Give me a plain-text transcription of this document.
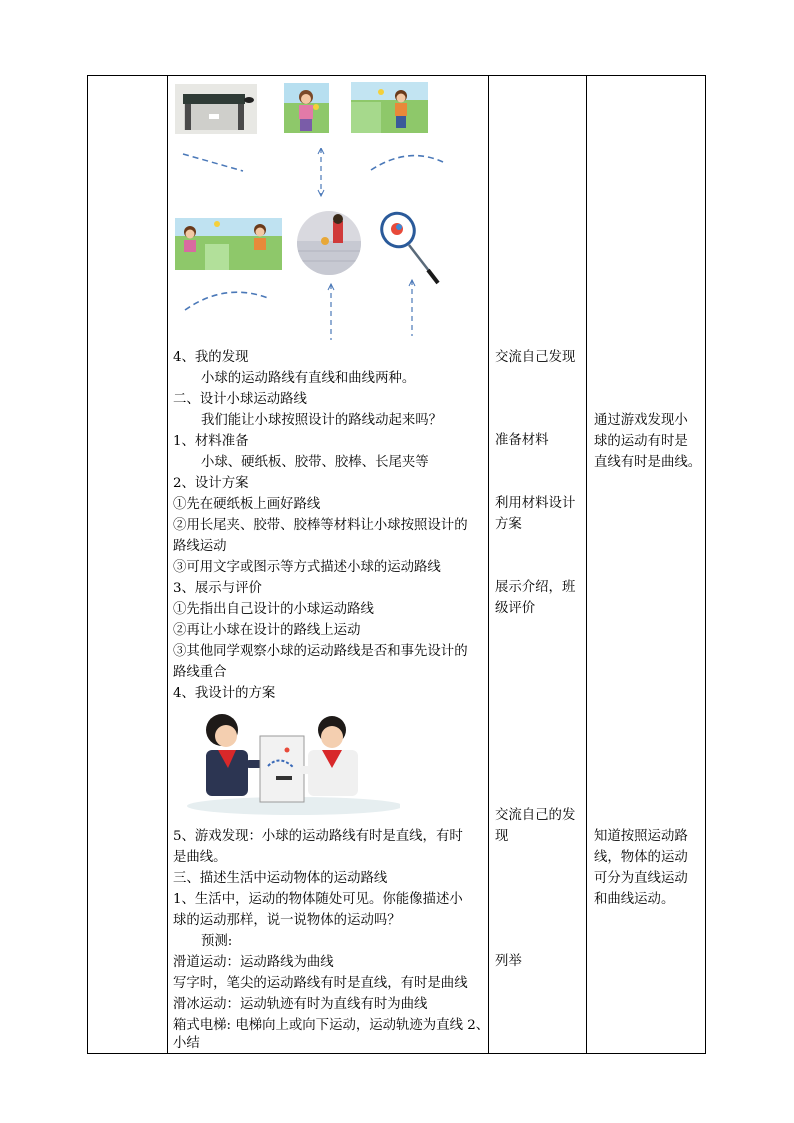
4、我的发现
小球的运动路线有直线和曲线两种。
二、设计小球运动路线
我们能让小球按照设计的路线动起来吗？
1、材料准备
小球、硬纸板、胶带、胶棒、长尾夹等
2、设计方案
①先在硬纸板上画好路线
②用长尾夹、胶带、胶棒等材料让小球按照设计的
路线运动
③可用文字或图示等方式描述小球的运动路线
3、展示与评价
①先指出自己设计的小球运动路线
②再让小球在设计的路线上运动
③其他同学观察小球的运动路线是否和事先设计的
路线重合
4、我设计的方案
5、游戏发现：小球的运动路线有时是直线，有时
是曲线。
三、描述生活中运动物体的运动路线
1、生活中，运动的物体随处可见。你能像描述小
球的运动那样，说一说物体的运动吗？
预测:
滑道运动：运动路线为曲线
写字时，笔尖的运动路线有时是直线，有时是曲线
滑冰运动：运动轨迹有时为直线有时为曲线
箱式电梯: 电梯向上或向下运动，运动轨迹为直线 2、
小结
交流自己发现
准备材料
利用材料设计
方案
展示介绍，班
级评价
交流自己的发
现
列举
通过游戏发现小
球的运动有时是
直线有时是曲线。
知道按照运动路
线，物体的运动
可分为直线运动
和曲线运动。
